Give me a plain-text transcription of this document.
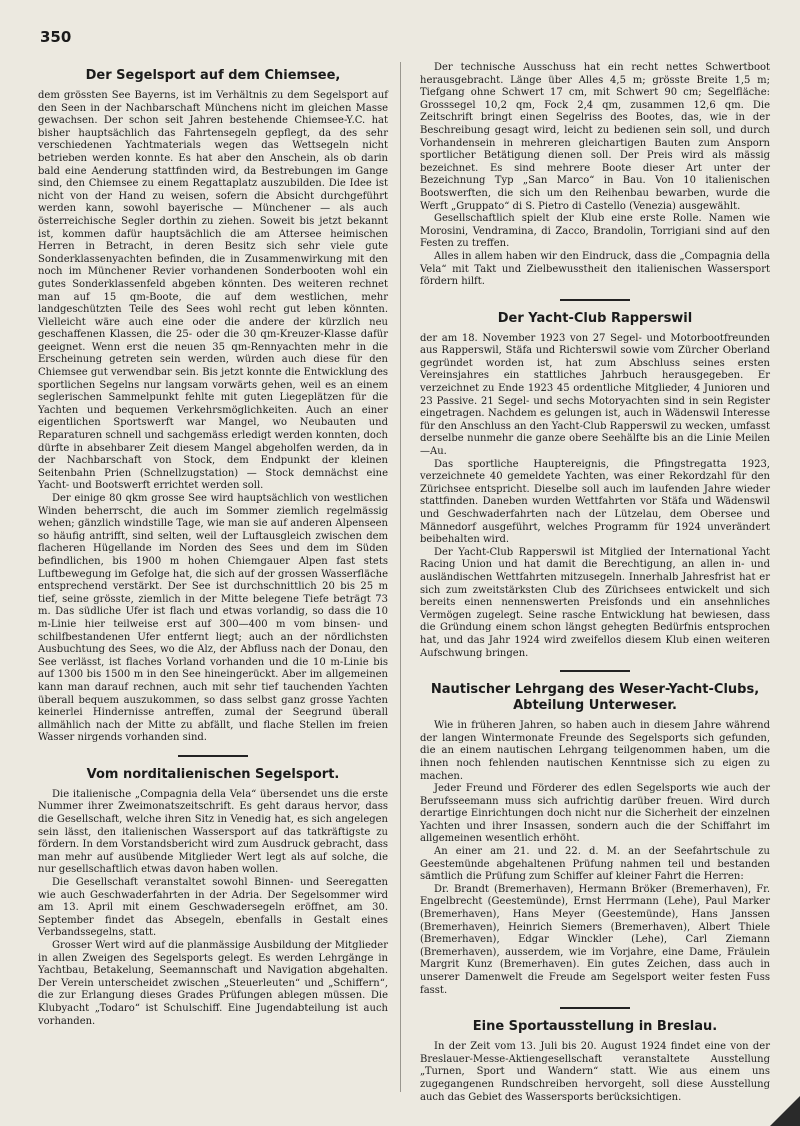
350
Der Segelsport auf dem Chiemsee,

dem grössten See Bayerns, ist im Verhältnis zu dem Segelsport auf den Seen in der Nachbarschaft Münchens nicht im gleichen Masse gewachsen. Der schon seit Jahren bestehende Chiemsee-Y.C. hat bisher hauptsächlich das Fahrtensegeln gepflegt, da des sehr verschiedenen Yachtmaterials wegen das Wettsegeln nicht betrieben werden konnte. Es hat aber den Anschein, als ob darin bald eine Aenderung stattfinden wird, da Bestrebungen im Gange sind, den Chiemsee zu einem Regattaplatz auszubilden. Die Idee ist nicht von der Hand zu weisen, sofern die Absicht durchgeführt werden kann, sowohl bayerische — Münchener — als auch österreichische Segler dorthin zu ziehen. Soweit bis jetzt bekannt ist, kommen dafür hauptsächlich die am Attersee heimischen Herren in Betracht, in deren Besitz sich sehr viele gute Sonderklassenyachten befinden, die in Zusammenwirkung mit den noch im Münchener Revier vorhandenen Sonderbooten wohl ein gutes Sonderklassenfeld abgeben könnten. Des weiteren rechnet man auf 15 qm-Boote, die auf dem westlichen, mehr landgeschützten Teile des Sees wohl recht gut leben könnten. Vielleicht wäre auch eine oder die andere der kürzlich neu geschaffenen Klassen, die 25- oder die 30 qm-Kreuzer-Klasse dafür geeignet. Wenn erst die neuen 35 qm-Rennyachten mehr in die Erscheinung getreten sein werden, würden auch diese für den Chiemsee gut verwendbar sein. Bis jetzt konnte die Entwicklung des sportlichen Segelns nur langsam vorwärts gehen, weil es an einem seglerischen Sammelpunkt fehlte mit guten Liegeplätzen für die Yachten und bequemen Verkehrsmöglichkeiten. Auch an einer eigentlichen Sportswerft war Mangel, wo Neubauten und Reparaturen schnell und sachgemäss erledigt werden konnten, doch dürfte in absehbarer Zeit diesem Mangel abgeholfen werden, da in der Nachbarschaft von Stock, dem Endpunkt der kleinen Seitenbahn Prien (Schnellzugstation) — Stock demnächst eine Yacht- und Bootswerft errichtet werden soll.

Der einige 80 qkm grosse See wird hauptsächlich von westlichen Winden beherrscht, die auch im Sommer ziemlich regelmässig wehen; gänzlich windstille Tage, wie man sie auf anderen Alpenseen so häufig antrifft, sind selten, weil der Luftausgleich zwischen dem flacheren Hügellande im Norden des Sees und dem im Süden befindlichen, bis 1900 m hohen Chiemgauer Alpen fast stets Luftbewegung im Gefolge hat, die sich auf der grossen Wasserfläche entsprechend verstärkt. Der See ist durchschnittlich 20 bis 25 m tief, seine grösste, ziemlich in der Mitte belegene Tiefe beträgt 73 m. Das südliche Ufer ist flach und etwas vorlandig, so dass die 10 m-Linie hier teilweise erst auf 300—400 m vom binsen- und schilfbestandenen Ufer entfernt liegt; auch an der nördlichsten Ausbuchtung des Sees, wo die Alz, der Abfluss nach der Donau, den See verlässt, ist flaches Vorland vorhanden und die 10 m-Linie bis auf 1300 bis 1500 m in den See hineingerückt. Aber im allgemeinen kann man darauf rechnen, auch mit sehr tief tauchenden Yachten überall bequem auszukommen, so dass selbst ganz grosse Yachten keinerlei Hindernisse antreffen, zumal der Seegrund überall allmählich nach der Mitte zu abfällt, und flache Stellen im freien Wasser nirgends vorhanden sind.

Vom norditalienischen Segelsport.

Die italienische „Compagnia della Vela“ übersendet uns die erste Nummer ihrer Zweimonatszeitschrift. Es geht daraus hervor, dass die Gesellschaft, welche ihren Sitz in Venedig hat, es sich angelegen sein lässt, den italienischen Wassersport auf das tatkräftigste zu fördern. In dem Vorstandsbericht wird zum Ausdruck gebracht, dass man mehr auf ausübende Mitglieder Wert legt als auf solche, die nur gesellschaftlich etwas davon haben wollen.

Die Gesellschaft veranstaltet sowohl Binnen- und Seeregatten wie auch Geschwaderfahrten in der Adria. Der Segelsommer wird am 13. April mit einem Geschwadersegeln eröffnet, am 30. September findet das Absegeln, ebenfalls in Gestalt eines Verbandssegelns, statt.

Grosser Wert wird auf die planmässige Ausbildung der Mitglieder in allen Zweigen des Segelsports gelegt. Es werden Lehrgänge in Yachtbau, Betakelung, Seemannschaft und Navigation abgehalten. Der Verein unterscheidet zwischen „Steuerleuten“ und „Schiffern“, die zur Erlangung dieses Grades Prüfungen ablegen müssen. Die Klubyacht „Todaro“ ist Schulschiff. Eine Jugendabteilung ist auch vorhanden.

Der technische Ausschuss hat ein recht nettes Schwertboot herausgebracht. Länge über Alles 4,5 m; grösste Breite 1,5 m; Tiefgang ohne Schwert 17 cm, mit Schwert 90 cm; Segelfläche: Grosssegel 10,2 qm, Fock 2,4 qm, zusammen 12,6 qm. Die Zeitschrift bringt einen Segelriss des Bootes, das, wie in der Beschreibung gesagt wird, leicht zu bedienen sein soll, und durch Vorhandensein in mehreren gleichartigen Bauten zum Ansporn sportlicher Betätigung dienen soll. Der Preis wird als mässig bezeichnet. Es sind mehrere Boote dieser Art unter der Bezeichnung Typ „San Marco“ in Bau. Von 10 italienischen Bootswerften, die sich um den Reihenbau bewarben, wurde die Werft „Gruppato“ di S. Pietro di Castello (Venezia) ausgewählt.

Gesellschaftlich spielt der Klub eine erste Rolle. Namen wie Morosini, Vendramina, di Zacco, Brandolin, Torrigiani sind auf den Festen zu treffen.

Alles in allem haben wir den Eindruck, dass die „Compagnia della Vela“ mit Takt und Zielbewusstheit den italienischen Wassersport fördern hilft.

Der Yacht-Club Rapperswil

der am 18. November 1923 von 27 Segel- und Motorbootfreunden aus Rapperswil, Stäfa und Richterswil sowie vom Zürcher Oberland gegründet worden ist, hat zum Abschluss seines ersten Vereinsjahres ein stattliches Jahrbuch herausgegeben. Er verzeichnet zu Ende 1923 45 ordentliche Mitglieder, 4 Junioren und 23 Passive. 21 Segel- und sechs Motoryachten sind in sein Register eingetragen. Nachdem es gelungen ist, auch in Wädenswil Interesse für den Anschluss an den Yacht-Club Rapperswil zu wecken, umfasst derselbe nunmehr die ganze obere Seehälfte bis an die Linie Meilen—Au.

Das sportliche Hauptereignis, die Pfingstregatta 1923, verzeichnete 40 gemeldete Yachten, was einer Rekordzahl für den Zürichsee entspricht. Dieselbe soll auch im laufenden Jahre wieder stattfinden. Daneben wurden Wettfahrten vor Stäfa und Wädenswil und Geschwaderfahrten nach der Lützelau, dem Obersee und Männedorf ausgeführt, welches Programm für 1924 unverändert beibehalten wird.

Der Yacht-Club Rapperswil ist Mitglied der International Yacht Racing Union und hat damit die Berechtigung, an allen in- und ausländischen Wettfahrten mitzusegeln. Innerhalb Jahresfrist hat er sich zum zweitstärksten Club des Zürichsees entwickelt und sich bereits einen nennenswerten Preisfonds und ein ansehnliches Vermögen zugelegt. Seine rasche Entwicklung hat bewiesen, dass die Gründung einem schon längst gehegten Bedürfnis entsprochen hat, und das Jahr 1924 wird zweifellos diesem Klub einen weiteren Aufschwung bringen.

Nautischer Lehrgang des Weser-Yacht-Clubs, Abteilung Unterweser.

Wie in früheren Jahren, so haben auch in diesem Jahre während der langen Wintermonate Freunde des Segelsports sich gefunden, die an einem nautischen Lehrgang teilgenommen haben, um die ihnen noch fehlenden nautischen Kenntnisse sich zu eigen zu machen.

Jeder Freund und Förderer des edlen Segelsports wie auch der Berufsseemann muss sich aufrichtig darüber freuen. Wird durch derartige Einrichtungen doch nicht nur die Sicherheit der einzelnen Yachten und ihrer Insassen, sondern auch die der Schiffahrt im allgemeinen wesentlich erhöht.

An einer am 21. und 22. d. M. an der Seefahrtschule zu Geestemünde abgehaltenen Prüfung nahmen teil und bestanden sämtlich die Prüfung zum Schiffer auf kleiner Fahrt die Herren:

Dr. Brandt (Bremerhaven), Hermann Bröker (Bremerhaven), Fr. Engelbrecht (Geestemünde), Ernst Herrmann (Lehe), Paul Marker (Bremerhaven), Hans Meyer (Geestemünde), Hans Janssen (Bremerhaven), Heinrich Siemers (Bremerhaven), Albert Thiele (Bremerhaven), Edgar Winckler (Lehe), Carl Ziemann (Bremerhaven), ausserdem, wie im Vorjahre, eine Dame, Fräulein Margrit Kunz (Bremerhaven). Ein gutes Zeichen, dass auch in unserer Damenwelt die Freude am Segelsport weiter festen Fuss fasst.

Eine Sportausstellung in Breslau.

In der Zeit vom 13. Juli bis 20. August 1924 findet eine von der Breslauer-Messe-Aktiengesellschaft veranstaltete Ausstellung „Turnen, Sport und Wandern“ statt. Wie aus einem uns zugegangenen Rundschreiben hervorgeht, soll diese Ausstellung auch das Gebiet des Wassersports berücksichtigen.
